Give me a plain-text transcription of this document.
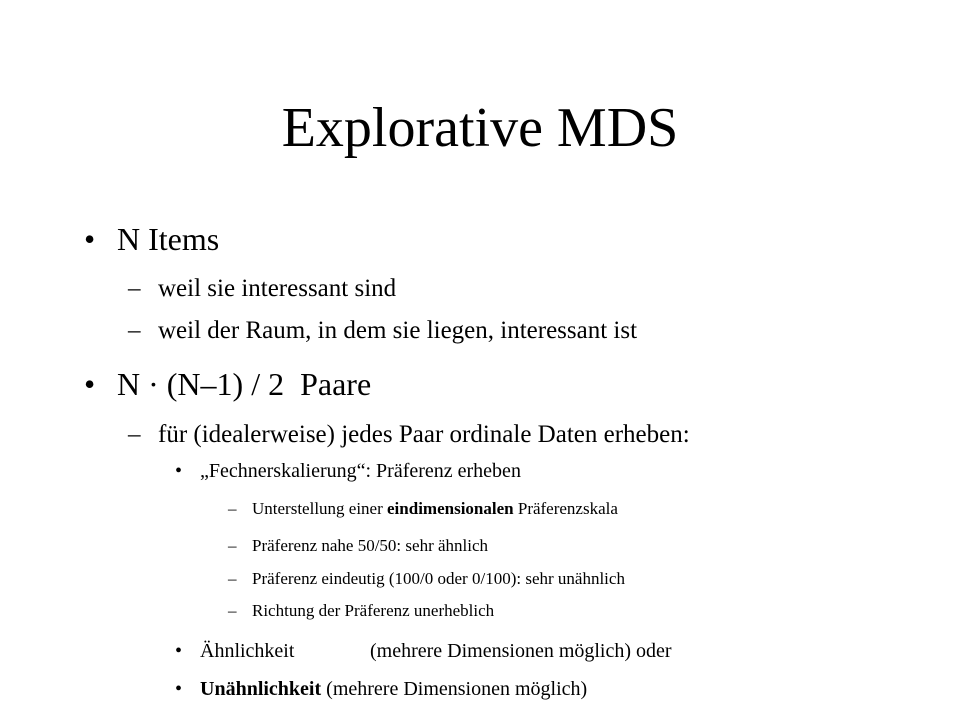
Explorative MDS
• N Items
– weil sie interessant sind
– weil der Raum, in dem sie liegen, interessant ist
• N · (N–1) / 2  Paare
– für (idealerweise) jedes Paar ordinale Daten erheben:
• „Fechnerskalierung“: Präferenz erheben
– Unterstellung einer eindimensionalen Präferenzskala
– Präferenz nahe 50/50: sehr ähnlich
– Präferenz eindeutig (100/0 oder 0/100): sehr unähnlich
– Richtung der Präferenz unerheblich
• Ähnlichkeit	(mehrere Dimensionen möglich) oder
• Unähnlichkeit (mehrere Dimensionen möglich)
